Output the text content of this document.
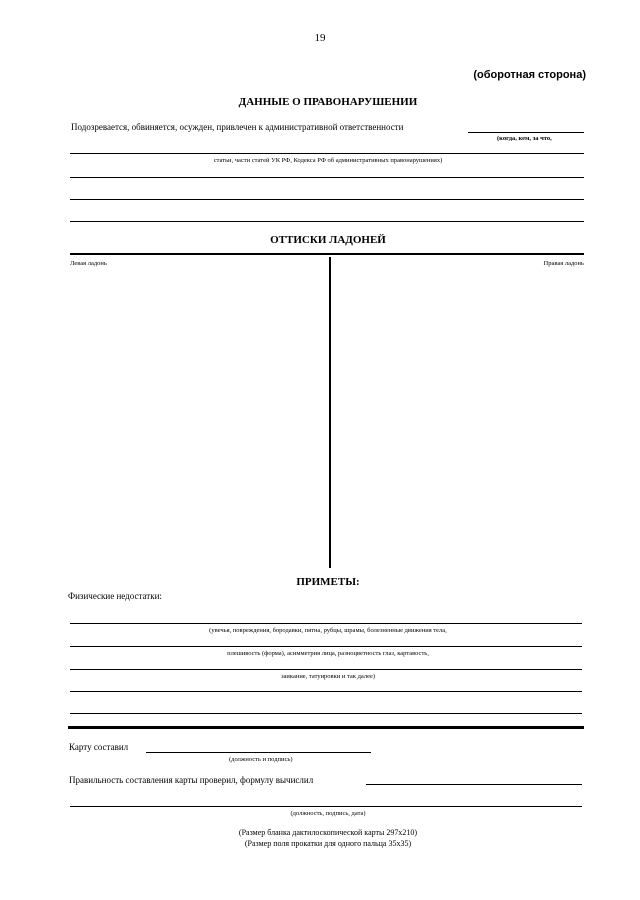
19
(оборотная сторона)
ДАННЫЕ О ПРАВОНАРУШЕНИИ
Подозревается, обвиняется, осужден, привлечен к административной ответственности
(когда, кем, за что,
статьи, части статей УК РФ, Кодекса РФ об административных правонарушениях)
ОТТИСКИ ЛАДОНЕЙ
Левая ладонь	Правая ладонь
ПРИМЕТЫ:
Физические недостатки:
(увечья, повреждения, бородавки, пятна, рубцы, шрамы, болезненные движения тела,
плешивость (форма), асимметрия лица, разноцветность глаз, картавость,
заикание, татуировки и так далее)
Карту составил
(должность и подпись)
Правильность составления карты проверил, формулу вычислил
(должность, подпись, дата)
(Размер бланка дактилоскопической карты 297x210)
(Размер поля прокатки для одного пальца 35x35)
